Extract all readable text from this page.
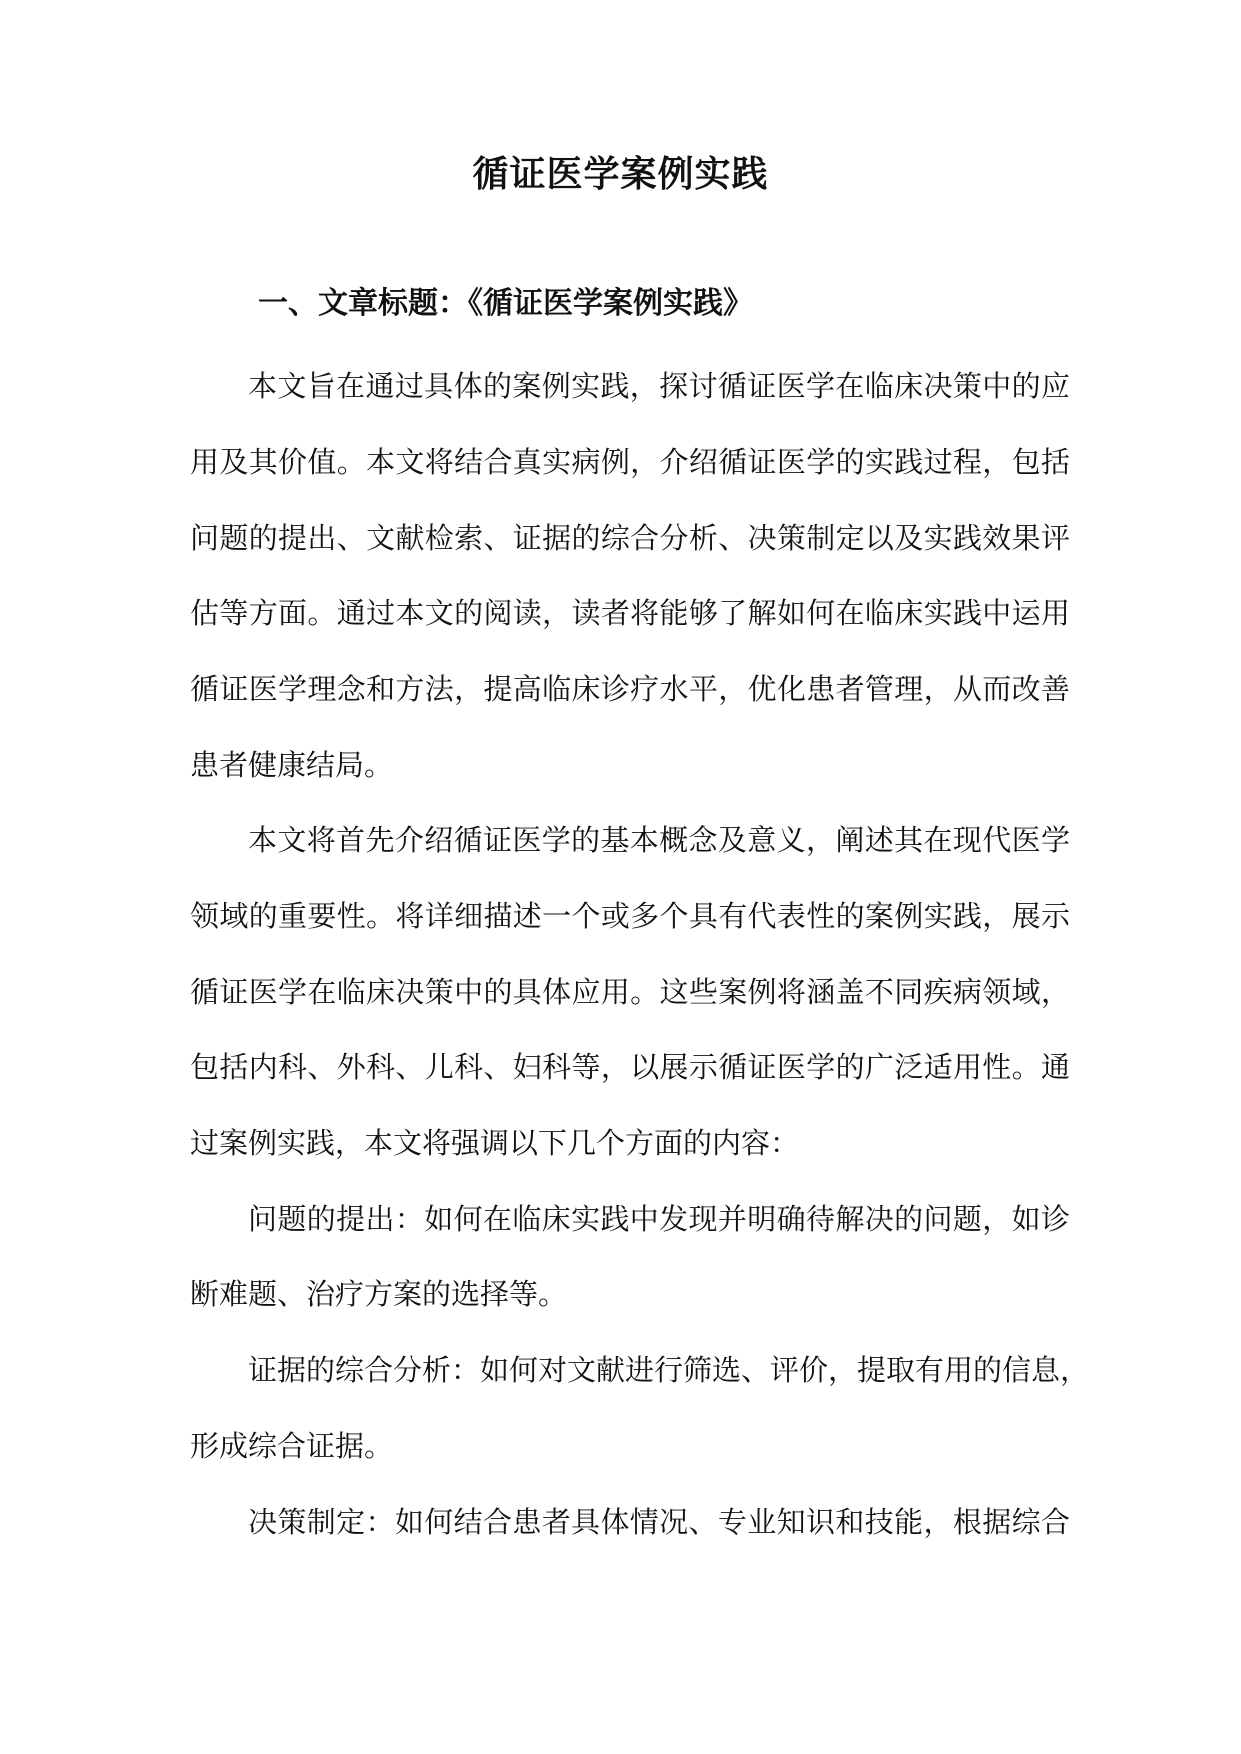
循证医学案例实践
一、文章标题：《循证医学案例实践》
本文旨在通过具体的案例实践，探讨循证医学在临床决策中的应
用及其价值。本文将结合真实病例，介绍循证医学的实践过程，包括
问题的提出、文献检索、证据的综合分析、决策制定以及实践效果评
估等方面。通过本文的阅读，读者将能够了解如何在临床实践中运用
循证医学理念和方法，提高临床诊疗水平，优化患者管理，从而改善
患者健康结局。
本文将首先介绍循证医学的基本概念及意义，阐述其在现代医学
领域的重要性。将详细描述一个或多个具有代表性的案例实践，展示
循证医学在临床决策中的具体应用。这些案例将涵盖不同疾病领域，
包括内科、外科、儿科、妇科等，以展示循证医学的广泛适用性。通
过案例实践，本文将强调以下几个方面的内容：
问题的提出：如何在临床实践中发现并明确待解决的问题，如诊
断难题、治疗方案的选择等。
证据的综合分析：如何对文献进行筛选、评价，提取有用的信息，
形成综合证据。
决策制定：如何结合患者具体情况、专业知识和技能，根据综合
